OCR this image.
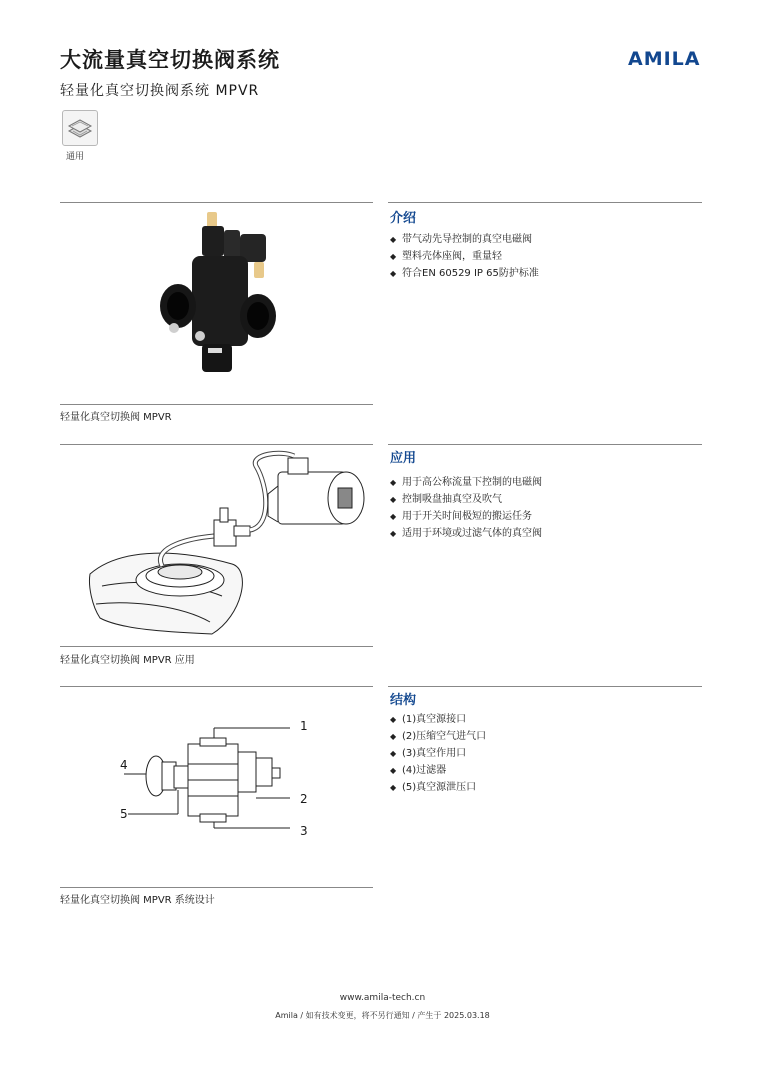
大流量真空切换阀系统
轻量化真空切换阀系统 MPVR
AMILA
通用
介绍
◆ 带气动先导控制的真空电磁阀
◆ 塑料壳体座阀，重量轻
◆ 符合EN 60529 IP 65防护标准
轻量化真空切换阀 MPVR
应用
◆ 用于高公称流量下控制的电磁阀
◆ 控制吸盘抽真空及吹气
◆ 用于开关时间极短的搬运任务
◆ 适用于环境或过滤气体的真空阀
轻量化真空切换阀 MPVR 应用
结构
◆ (1)真空源接口
◆ (2)压缩空气进气口
◆ (3)真空作用口
◆ (4)过滤器
◆ (5)真空源泄压口
1
2
3
4
5
轻量化真空切换阀 MPVR 系统设计
www.amila-tech.cn
Amila / 如有技术变更，将不另行通知 / 产生于 2025.03.18
